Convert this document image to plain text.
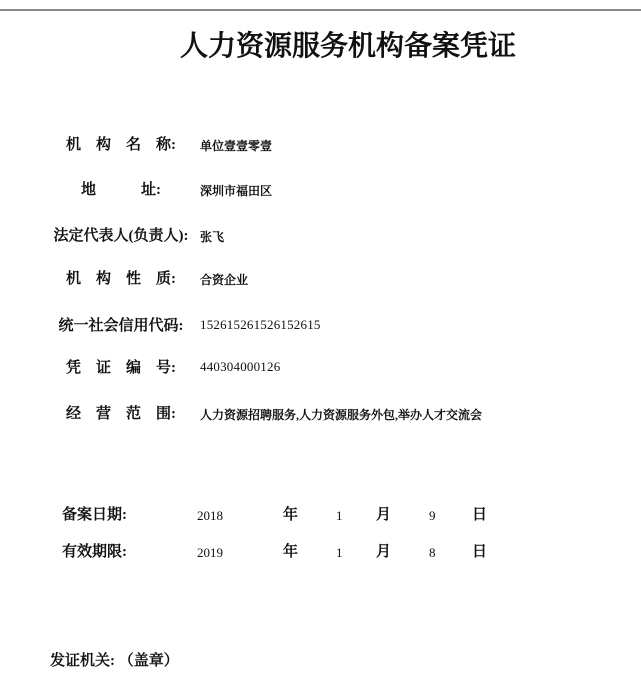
人力资源服务机构备案凭证
机　构　名　称:	单位壹壹零壹
地　　　址:	深圳市福田区
法定代表人(负责人): 张飞
机　构　性　质:	合资企业
统一社会信用代码:	152615261526152615
凭　证　编　号:	440304000126
经　营　范　围:	人力资源招聘服务,人力资源服务外包,举办人才交流会
备案日期:	2018	年	1 月	9 日
有效期限:	2019	年	1 月	8 日
发证机关: （盖章）
